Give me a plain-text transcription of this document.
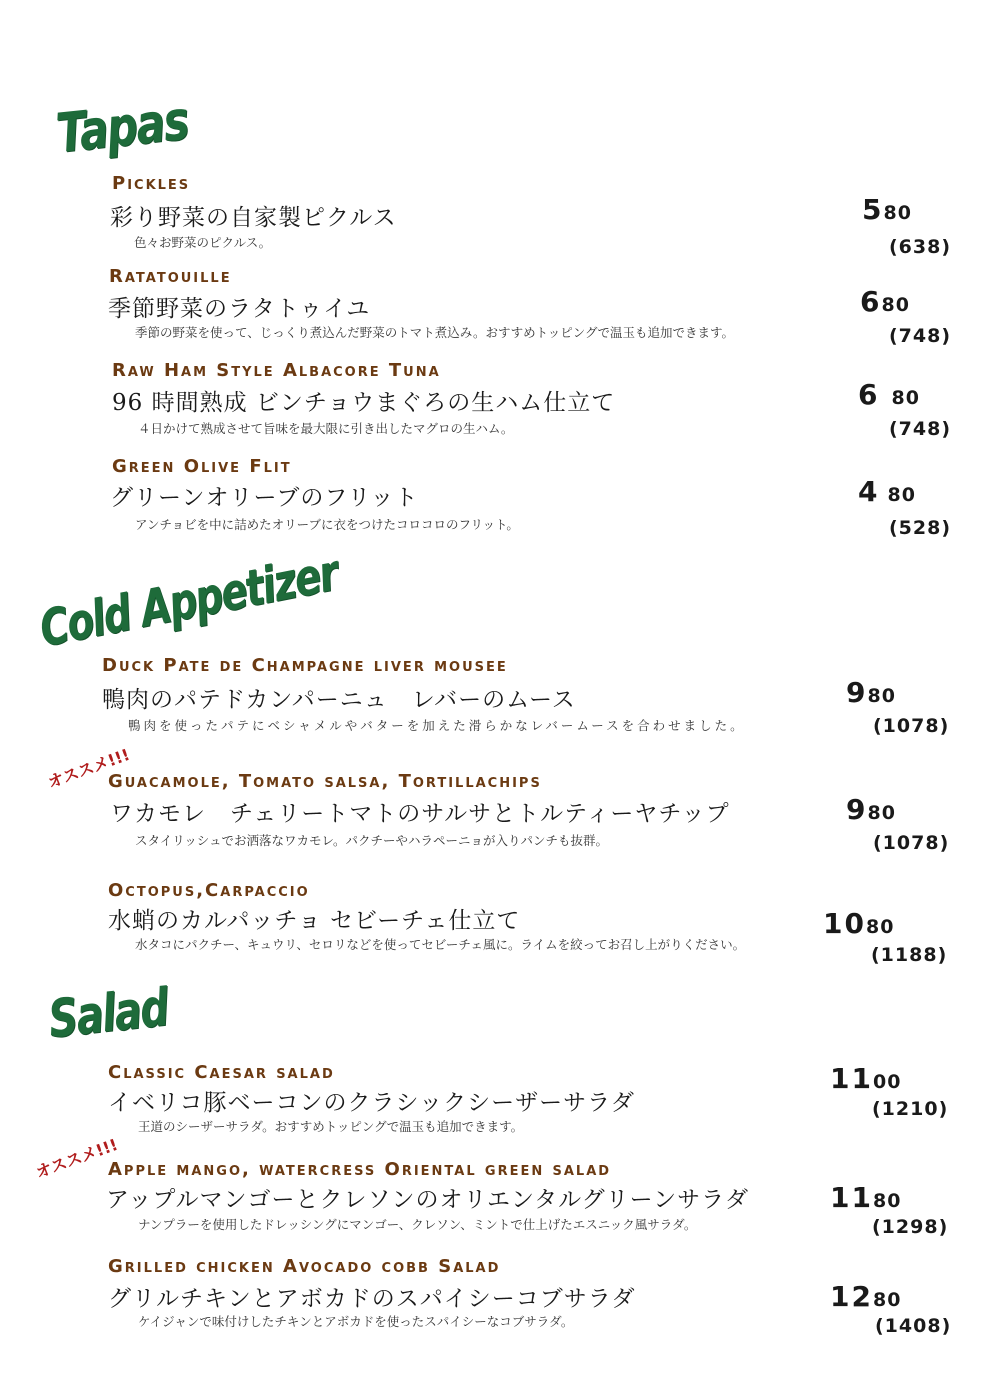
Tapas
Pickles
彩り野菜の自家製ピクルス
色々お野菜のピクルス。
580
(638)
Ratatouille
季節野菜のラタトゥイユ
季節の野菜を使って、じっくり煮込んだ野菜のトマト煮込み。おすすめトッピングで温玉も追加できます。
680
(748)
Raw Ham Style Albacore Tuna
96 時間熟成 ビンチョウまぐろの生ハム仕立て
４日かけて熟成させて旨味を最大限に引き出したマグロの生ハム。
6 80
(748)
Green Olive Flit
グリーンオリーブのフリット
アンチョビを中に詰めたオリーブに衣をつけたコロコロのフリット。
4 80
(528)
Cold Appetizer
Duck Pate de Champagne liver mousee
鴨肉のパテドカンパーニュ　レバーのムース
鴨肉を使ったパテにベシャメルやバターを加えた滑らかなレバームースを合わせました。
980
(1078)
オススメ!!!
Guacamole, Tomato salsa, Tortillachips
ワカモレ　チェリートマトのサルサとトルティーヤチップ
スタイリッシュでお洒落なワカモレ。パクチーやハラペーニョが入りパンチも抜群。
980
(1078)
Octopus,Carpaccio
水蛸のカルパッチョ セビーチェ仕立て
水タコにパクチー、キュウリ、セロリなどを使ってセビーチェ風に。ライムを絞ってお召し上がりください。
1080
(1188)
Salad
Classic Caesar salad
イベリコ豚ベーコンのクラシックシーザーサラダ
王道のシーザーサラダ。おすすめトッピングで温玉も追加できます。
1100
(1210)
オススメ!!!
Apple mango, watercress Oriental green salad
アップルマンゴーとクレソンのオリエンタルグリーンサラダ
ナンプラーを使用したドレッシングにマンゴー、クレソン、ミントで仕上げたエスニック風サラダ。
1180
(1298)
Grilled chicken Avocado cobb Salad
グリルチキンとアボカドのスパイシーコブサラダ
ケイジャンで味付けしたチキンとアボカドを使ったスパイシーなコブサラダ。
1280
(1408)
